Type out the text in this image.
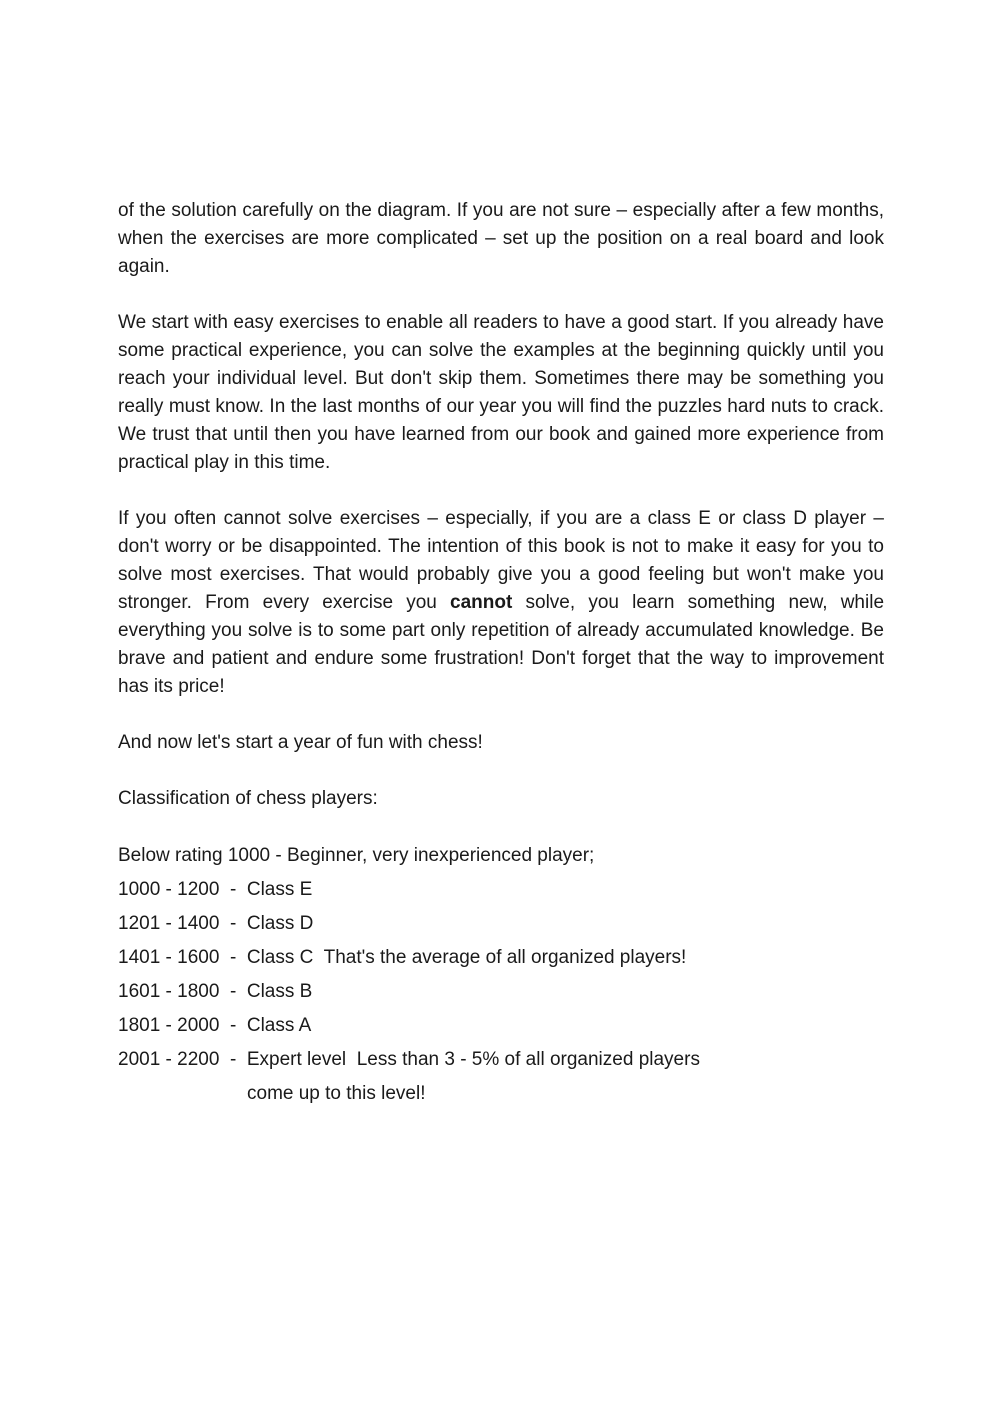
of the solution carefully on the diagram. If you are not sure – especially after a few months, when the exercises are more complicated – set up the position on a real board and look again.

We start with easy exercises to enable all readers to have a good start. If you already have some practical experience, you can solve the examples at the beginning quickly until you reach your individual level. But don't skip them. Sometimes there may be something you really must know. In the last months of our year you will find the puzzles hard nuts to crack. We trust that until then you have learned from our book and gained more experience from practical play in this time.

If you often cannot solve exercises – especially, if you are a class E or class D player – don't worry or be disappointed. The intention of this book is not to make it easy for you to solve most exercises. That would probably give you a good feeling but won't make you stronger. From every exercise you cannot solve, you learn something new, while everything you solve is to some part only repetition of already accumulated knowledge. Be brave and patient and endure some frustration! Don't forget that the way to improvement has its price!

And now let's start a year of fun with chess!

Classification of chess players:

Below rating 1000 - Beginner, very inexperienced player;
1000 - 1200  -  Class E
1201 - 1400  -  Class D
1401 - 1600  -  Class C  That's the average of all organized players!
1601 - 1800  -  Class B
1801 - 2000  -  Class A
2001 - 2200  -  Expert level  Less than 3 - 5% of all organized players
come up to this level!
